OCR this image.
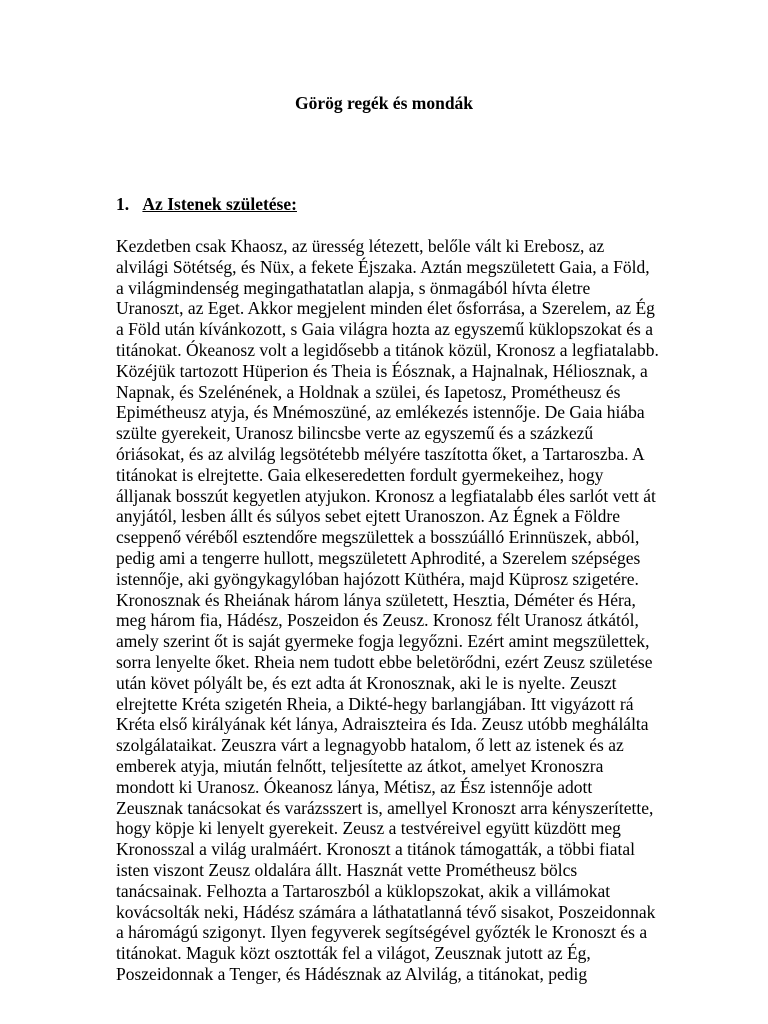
Görög regék és mondák
1. Az Istenek születése:
Kezdetben csak Khaosz, az üresség létezett, belőle vált ki Erebosz, az
alvilági Sötétség, és Nüx, a fekete Éjszaka. Aztán megszületett Gaia, a Föld,
a világmindenség megingathatatlan alapja, s önmagából hívta életre
Uranoszt, az Eget. Akkor megjelent minden élet ősforrása, a Szerelem, az Ég
a Föld után kívánkozott, s Gaia világra hozta az egyszemű küklopszokat és a
titánokat. Ókeanosz volt a legidősebb a titánok közül, Kronosz a legfiatalabb.
Közéjük tartozott Hüperion és Theia is Éósznak, a Hajnalnak, Héliosznak, a
Napnak, és Szelénének, a Holdnak a szülei, és Iapetosz, Prométheusz és
Epimétheusz atyja, és Mnémoszüné, az emlékezés istennője. De Gaia hiába
szülte gyerekeit, Uranosz bilincsbe verte az egyszemű és a százkezű
óriásokat, és az alvilág legsötétebb mélyére taszította őket, a Tartaroszba. A
titánokat is elrejtette. Gaia elkeseredetten fordult gyermekeihez, hogy
álljanak bosszút kegyetlen atyjukon. Kronosz a legfiatalabb éles sarlót vett át
anyjától, lesben állt és súlyos sebet ejtett Uranoszon. Az Égnek a Földre
cseppenő véréből esztendőre megszülettek a bosszúálló Erinnüszek, abból,
pedig ami a tengerre hullott, megszületett Aphrodité, a Szerelem szépséges
istennője, aki gyöngykagylóban hajózott Küthéra, majd Küprosz szigetére.
Kronosznak és Rheiának három lánya született, Hesztia, Déméter és Héra,
meg három fia, Hádész, Poszeidon és Zeusz. Kronosz félt Uranosz átkától,
amely szerint őt is saját gyermeke fogja legyőzni. Ezért amint megszülettek,
sorra lenyelte őket. Rheia nem tudott ebbe beletörődni, ezért Zeusz születése
után követ pólyált be, és ezt adta át Kronosznak, aki le is nyelte. Zeuszt
elrejtette Kréta szigetén Rheia, a Dikté-hegy barlangjában. Itt vigyázott rá
Kréta első királyának két lánya, Adraiszteira és Ida. Zeusz utóbb meghálálta
szolgálataikat. Zeuszra várt a legnagyobb hatalom, ő lett az istenek és az
emberek atyja, miután felnőtt, teljesítette az átkot, amelyet Kronoszra
mondott ki Uranosz. Ókeanosz lánya, Métisz, az Ész istennője adott
Zeusznak tanácsokat és varázsszert is, amellyel Kronoszt arra kényszerítette,
hogy köpje ki lenyelt gyerekeit. Zeusz a testvéreivel együtt küzdött meg
Kronosszal a világ uralmáért. Kronoszt a titánok támogatták, a többi fiatal
isten viszont Zeusz oldalára állt. Hasznát vette Prométheusz bölcs
tanácsainak. Felhozta a Tartaroszból a küklopszokat, akik a villámokat
kovácsolták neki, Hádész számára a láthatatlanná tévő sisakot, Poszeidonnak
a háromágú szigonyt. Ilyen fegyverek segítségével győzték le Kronoszt és a
titánokat. Maguk közt osztották fel a világot, Zeusznak jutott az Ég,
Poszeidonnak a Tenger, és Hádésznak az Alvilág, a titánokat, pedig
